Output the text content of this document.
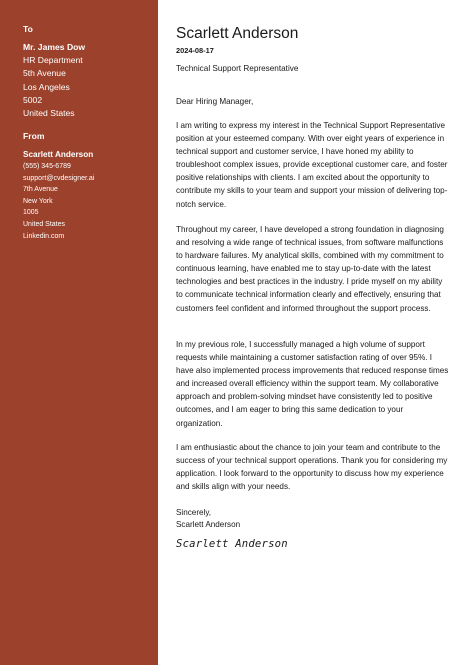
To
Mr. James Dow
HR Department
5th Avenue
Los Angeles
5002
United States
From
Scarlett Anderson
(555) 345-6789
support@cvdesigner.ai
7th Avenue
New York
1005
United States
Linkedin.com
Scarlett Anderson
2024-08-17
Technical Support Representative

Dear Hiring Manager,

I am writing to express my interest in the Technical Support Representative position at your esteemed company. With over eight years of experience in technical support and customer service, I have honed my ability to troubleshoot complex issues, provide exceptional customer care, and foster positive relationships with clients. I am excited about the opportunity to contribute my skills to your team and support your mission of delivering top-notch service.

Throughout my career, I have developed a strong foundation in diagnosing and resolving a wide range of technical issues, from software malfunctions to hardware failures. My analytical skills, combined with my commitment to continuous learning, have enabled me to stay up-to-date with the latest technologies and best practices in the industry. I pride myself on my ability to communicate technical information clearly and effectively, ensuring that customers feel confident and informed throughout the support process.

In my previous role, I successfully managed a high volume of support requests while maintaining a customer satisfaction rating of over 95%. I have also implemented process improvements that reduced response times and increased overall efficiency within the support team. My collaborative approach and problem-solving mindset have consistently led to positive outcomes, and I am eager to bring this same dedication to your organization.

I am enthusiastic about the chance to join your team and contribute to the success of your technical support operations. Thank you for considering my application. I look forward to the opportunity to discuss how my experience and skills align with your needs.

Sincerely,

Scarlett Anderson

Scarlett Anderson
